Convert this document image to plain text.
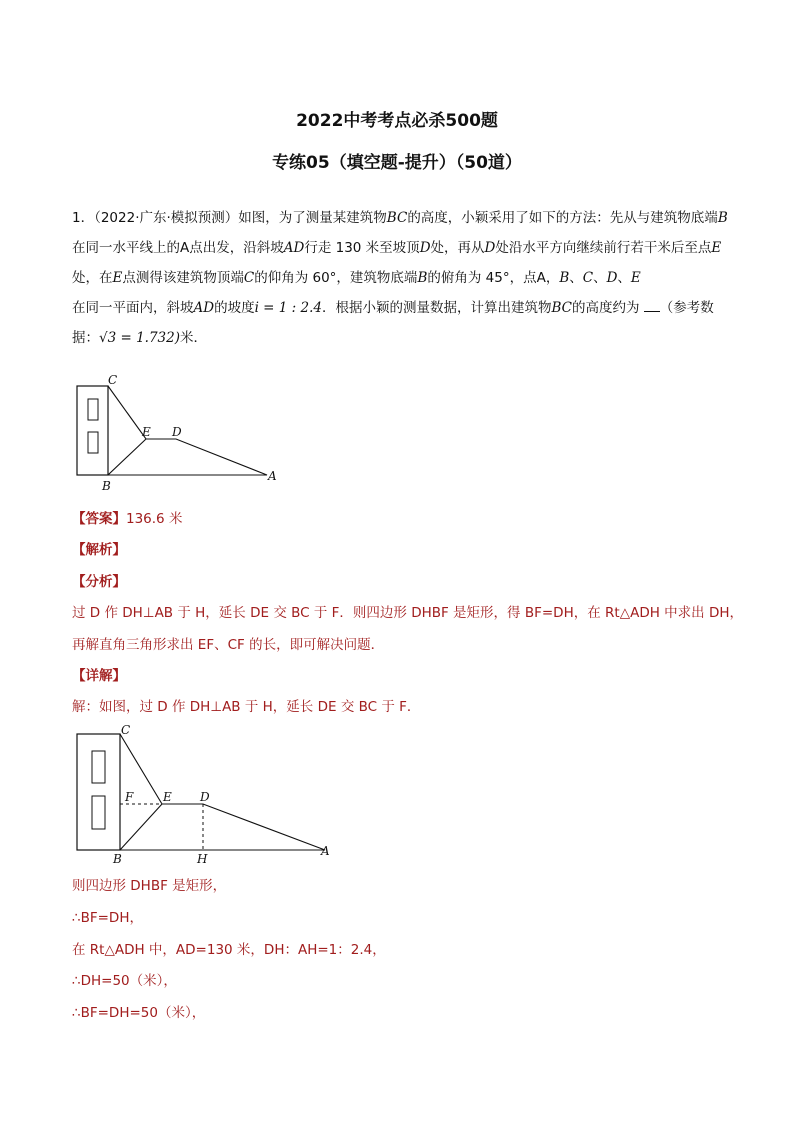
2022中考考点必杀500题
专练05（填空题-提升）（50道）
1．（2022·广东·模拟预测）如图，为了测量某建筑物BC的高度，小颖采用了如下的方法：先从与建筑物底端B在同一水平线上的A点出发，沿斜坡AD行走 130 米至坡顶D处，再从D处沿水平方向继续前行若干米后至点E处，在E点测得该建筑物顶端C的仰角为 60°，建筑物底端B的俯角为 45°，点A，B、C、D、E
在同一平面内，斜坡AD的坡度i = 1 : 2.4．根据小颖的测量数据，计算出建筑物BC的高度约为 （参考数据：√3 = 1.732)米．
C
E D
B
A
【答案】136.6 米
【解析】
【分析】
过 D 作 DH⊥AB 于 H，延长 DE 交 BC 于 F．则四边形 DHBF 是矩形，得 BF=DH，在 Rt△ADH 中求出 DH，
再解直角三角形求出 EF、CF 的长，即可解决问题．
【详解】
解：如图，过 D 作 DH⊥AB 于 H，延长 DE 交 BC 于 F．
C
F E D
B	H
A
则四边形 DHBF 是矩形，
∴BF=DH，
在 Rt△ADH 中，AD=130 米，DH：AH=1：2.4，
∴DH=50（米），
∴BF=DH=50（米），
